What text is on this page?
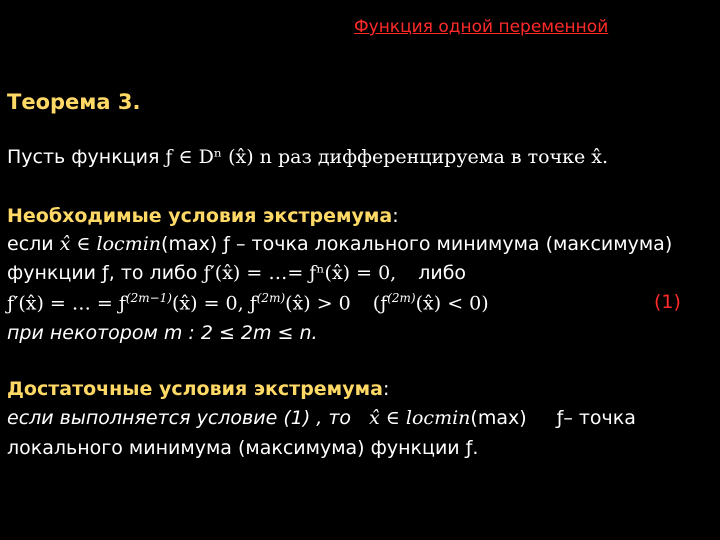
Функция одной переменной
Теорема 3.
Пусть функция ƒ ∈ Dⁿ (x̂) n раз дифференцируема в точке x̂.
Необходимые условия экстремума:
если x̂ ∈ locmin(max) ƒ – точка локального минимума (максимума)
функции ƒ, то либо ƒ′(x̂) = …= ƒⁿ(x̂) = 0, либо
ƒ′(x̂) = … = $ƒ^{(2m-1)}(x̂) = 0$, $ƒ^{(2m)}(x̂) > 0$ $(ƒ^{(2m)}(x̂) < 0)$	(1)
при некотором m : 2 ≤ 2m ≤ n.
Достаточные условия экстремума:
если выполняется условие (1) , то x̂ ∈ locmin(max) ƒ– точка
локального минимума (максимума) функции ƒ.
